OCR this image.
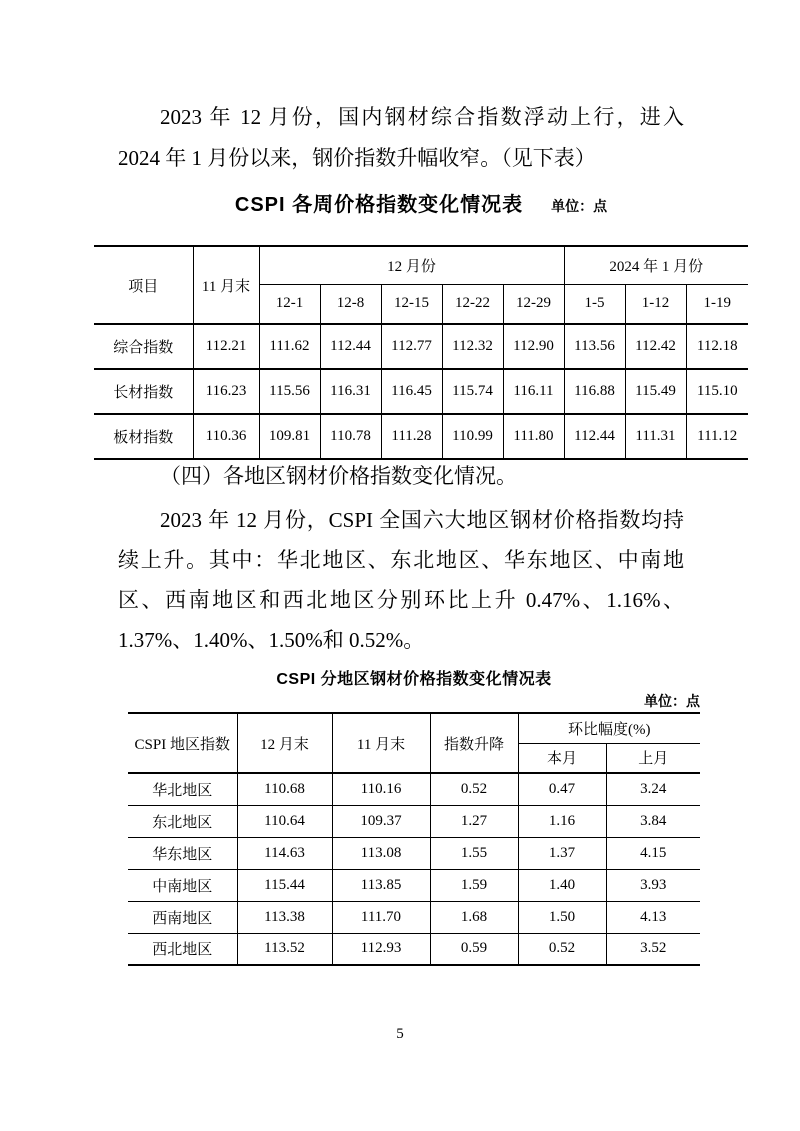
2023 年 12 月份，国内钢材综合指数浮动上行，进入 2024 年 1 月份以来，钢价指数升幅收窄。（见下表）

CSPI 各周价格指数变化情况表 单位：点
项目	11 月末	12 月份					2024 年 1 月份		
		12-1	12-8	12-15	12-22	12-29	1-5	1-12	1-19
综合指数	112.21	111.62	112.44	112.77	112.32	112.90	113.56	112.42	112.18
长材指数	116.23	115.56	116.31	116.45	115.74	116.11	116.88	115.49	115.10
板材指数	110.36	109.81	110.78	111.28	110.99	111.80	112.44	111.31	111.12

（四）各地区钢材价格指数变化情况。

2023 年 12 月份，CSPI 全国六大地区钢材价格指数均持续上升。其中：华北地区、东北地区、华东地区、中南地区、西南地区和西北地区分别环比上升 0.47%、1.16%、1.37%、1.40%、1.50%和 0.52%。

CSPI 分地区钢材价格指数变化情况表
单位：点
CSPI 地区指数	12 月末	11 月末	指数升降	环比幅度(%)	
				本月	上月
华北地区	110.68	110.16	0.52	0.47	3.24
东北地区	110.64	109.37	1.27	1.16	3.84
华东地区	114.63	113.08	1.55	1.37	4.15
中南地区	115.44	113.85	1.59	1.40	3.93
西南地区	113.38	111.70	1.68	1.50	4.13
西北地区	113.52	112.93	0.59	0.52	3.52
5
